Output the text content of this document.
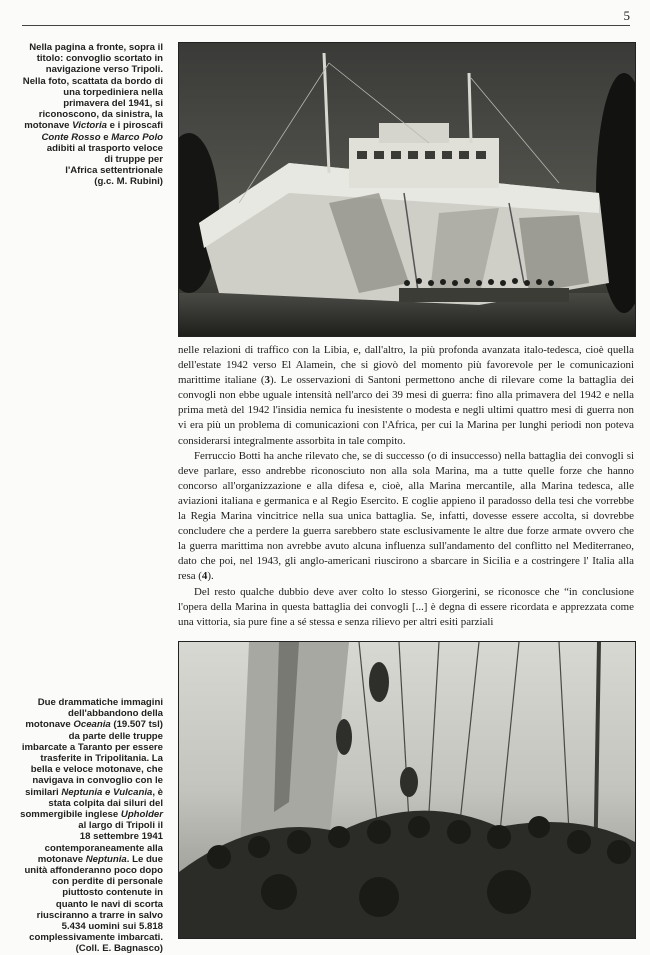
5
Nella pagina a fronte, sopra il
titolo: convoglio scortato in
navigazione verso Tripoli.
Nella foto, scattata da bordo di
una torpediniera nella
primavera del 1941, si
riconoscono, da sinistra, la
motonave Victoria e i piroscafi
Conte Rosso e Marco Polo
adibiti al trasporto veloce
di truppe per
l'Africa settentrionale
(g.c. M. Rubini)

nelle relazioni di traffico con la Libia, e, dall'altro, la più profonda avanzata italo-tedesca, cioè quella dell'estate 1942 verso El Alamein, che si giovò del momento più favorevole per le comunicazioni marittime italiane (3). Le osservazioni di Santoni permettono anche di rilevare come la battaglia dei convogli non ebbe uguale intensità nell'arco dei 39 mesi di guerra: fino alla primavera del 1942 e nella prima metà del 1942 l'insidia nemica fu inesistente o modesta e negli ultimi quattro mesi di guerra non vi era più un problema di comunicazioni con l'Africa, per cui la Marina per lunghi periodi non poteva considerarsi integralmente assorbita in tale compito.

Ferruccio Botti ha anche rilevato che, se di successo (o di insuccesso) nella battaglia dei convogli si deve parlare, esso andrebbe riconosciuto non alla sola Marina, ma a tutte quelle forze che hanno concorso all'organizzazione e alla difesa e, cioè, alla Marina mercantile, alla Marina tedesca, alle aviazioni italiana e germanica e al Regio Esercito. E coglie appieno il paradosso della tesi che vorrebbe la Regia Marina vincitrice nella sua unica battaglia. Se, infatti, dovesse essere accolta, si dovrebbe concludere che a perdere la guerra sarebbero state esclusivamente le altre due forze armate ovvero che la guerra marittima non avrebbe avuto alcuna influenza sull'andamento del conflitto nel Mediterraneo, dato che poi, nel 1943, gli anglo-americani riuscirono a sbarcare in Sicilia e a costringere l' Italia alla resa (4).

Del resto qualche dubbio deve aver colto lo stesso Giorgerini, se riconosce che “in conclusione l'opera della Marina in questa battaglia dei convogli [...] è degna di essere ricordata e apprezzata come una vittoria, sia pure fine a sé stessa e senza rilievo per altri esiti parziali

Due drammatiche immagini
dell'abbandono della
motonave Oceania (19.507 tsl)
da parte delle truppe
imbarcate a Taranto per essere
trasferite in Tripolitania. La
bella e veloce motonave, che
navigava in convoglio con le
similari Neptunia e Vulcania, è
stata colpita dai siluri del
sommergibile inglese Upholder
al largo di Tripoli il
18 settembre 1941
contemporaneamente alla
motonave Neptunia. Le due
unità affonderanno poco dopo
con perdite di personale
piuttosto contenute in
quanto le navi di scorta
riusciranno a trarre in salvo
5.434 uomini sui 5.818
complessivamente imbarcati.
(Coll. E. Bagnasco)
